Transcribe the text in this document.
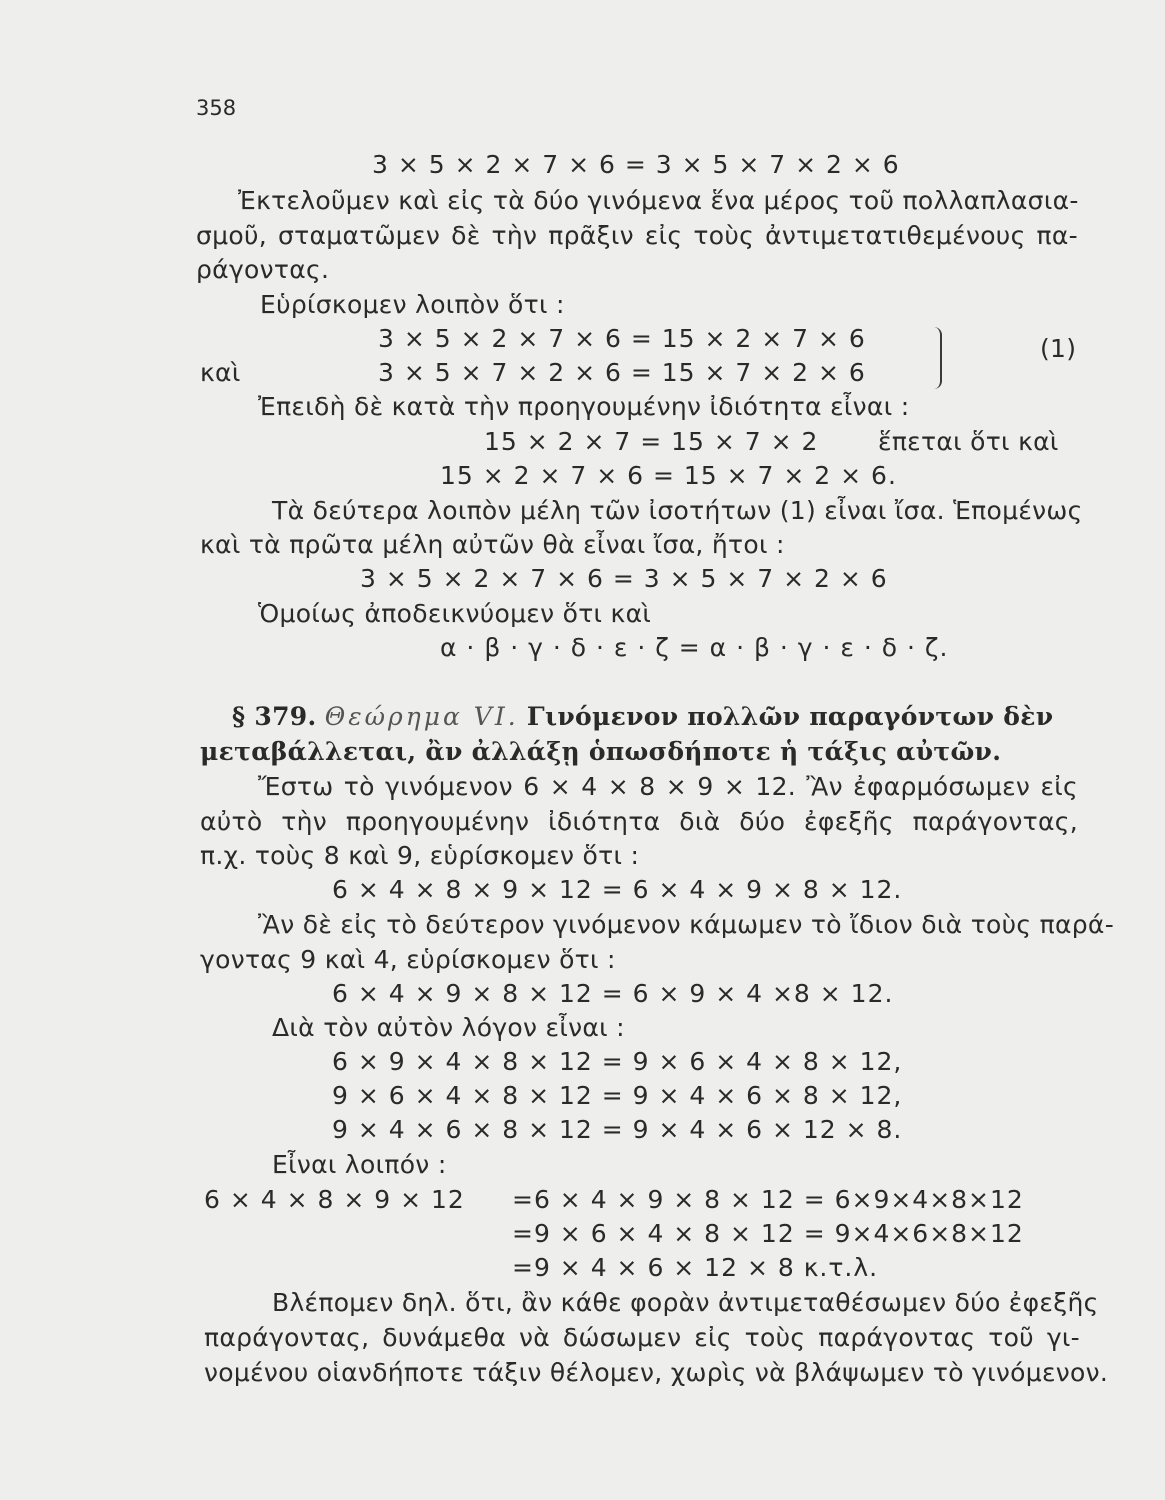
358
3 × 5 × 2 × 7 × 6 = 3 × 5 × 7 × 2 × 6
Ἐκτελοῦμεν καὶ εἰς τὰ δύο γινόμενα ἕνα μέρος τοῦ πολλαπλασια-
σμοῦ, σταματῶμεν δὲ τὴν πρᾶξιν εἰς τοὺς ἀντιμετατιθεμένους πα-
ράγοντας.
Εὑρίσκομεν λοιπὸν ὅτι :
3 × 5 × 2 × 7 × 6 = 15 × 2 × 7 × 6
καὶ	3 × 5 × 7 × 2 × 6 = 15 × 7 × 2 × 6
(1)
Ἐπειδὴ δὲ κατὰ τὴν προηγουμένην ἰδιότητα εἶναι :
15 × 2 × 7 = 15 × 7 × 2 ἕπεται ὅτι καὶ
15 × 2 × 7 × 6 = 15 × 7 × 2 × 6.
Τὰ δεύτερα λοιπὸν μέλη τῶν ἰσοτήτων (1) εἶναι ἴσα. Ἑπομένως
καὶ τὰ πρῶτα μέλη αὐτῶν θὰ εἶναι ἴσα, ἤτοι :
3 × 5 × 2 × 7 × 6 = 3 × 5 × 7 × 2 × 6
Ὁμοίως ἀποδεικνύομεν ὅτι καὶ
α · β · γ · δ · ε · ζ = α · β · γ · ε · δ · ζ.
§ 379. Θεώρημα VI. Γινόμενον πολλῶν παραγόντων δὲν
μεταβάλλεται, ἂν ἀλλάξῃ ὁπωσδήποτε ἡ τάξις αὐτῶν.
Ἔστω τὸ γινόμενον 6 × 4 × 8 × 9 × 12. Ἂν ἐφαρμόσωμεν εἰς
αὐτὸ τὴν προηγουμένην ἰδιότητα διὰ δύο ἐφεξῆς παράγοντας,
π.χ. τοὺς 8 καὶ 9, εὑρίσκομεν ὅτι :
6 × 4 × 8 × 9 × 12 = 6 × 4 × 9 × 8 × 12.
Ἂν δὲ εἰς τὸ δεύτερον γινόμενον κάμωμεν τὸ ἴδιον διὰ τοὺς παρά-
γοντας 9 καὶ 4, εὑρίσκομεν ὅτι :
6 × 4 × 9 × 8 × 12 = 6 × 9 × 4 ×8 × 12.
Διὰ τὸν αὐτὸν λόγον εἶναι :
6 × 9 × 4 × 8 × 12 = 9 × 6 × 4 × 8 × 12,
9 × 6 × 4 × 8 × 12 = 9 × 4 × 6 × 8 × 12,
9 × 4 × 6 × 8 × 12 = 9 × 4 × 6 × 12 × 8.
Εἶναι λοιπόν :
6 × 4 × 8 × 9 × 12 =6 × 4 × 9 × 8 × 12 = 6×9×4×8×12
=9 × 6 × 4 × 8 × 12 = 9×4×6×8×12
=9 × 4 × 6 × 12 × 8 κ.τ.λ.
Βλέπομεν δηλ. ὅτι, ἂν κάθε φορὰν ἀντιμεταθέσωμεν δύο ἐφεξῆς
παράγοντας, δυνάμεθα νὰ δώσωμεν εἰς τοὺς παράγοντας τοῦ γι-
νομένου οἱανδήποτε τάξιν θέλομεν, χωρὶς νὰ βλάψωμεν τὸ γινόμενον.
